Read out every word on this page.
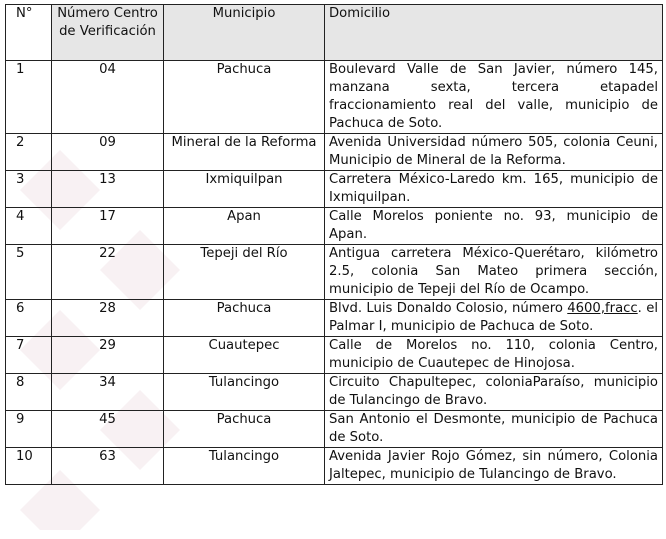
N°	Número Centro de Verificación	Municipio	Domicilio
1	04	Pachuca	Boulevard Valle de San Javier, número 145, manzana sexta, tercera etapadel fraccionamiento real del valle, municipio de Pachuca de Soto.
2	09	Mineral de la Reforma	Avenida Universidad número 505, colonia Ceuni, Municipio de Mineral de la Reforma.
3	13	Ixmiquilpan	Carretera México-Laredo km. 165, municipio de Ixmiquilpan.
4	17	Apan	Calle Morelos poniente no. 93, municipio de Apan.
5	22	Tepeji del Río	Antigua carretera México-Querétaro, kilómetro 2.5, colonia San Mateo primera sección, municipio de Tepeji del Río de Ocampo.
6	28	Pachuca	Blvd. Luis Donaldo Colosio, número 4600,fracc. el Palmar I, municipio de Pachuca de Soto.
7	29	Cuautepec	Calle de Morelos no. 110, colonia Centro, municipio de Cuautepec de Hinojosa.
8	34	Tulancingo	Circuito Chapultepec, coloniaParaíso, municipio de Tulancingo de Bravo.
9	45	Pachuca	San Antonio el Desmonte, municipio de Pachuca de Soto.
10	63	Tulancingo	Avenida Javier Rojo Gómez, sin número, Colonia Jaltepec, municipio de Tulancingo de Bravo.
